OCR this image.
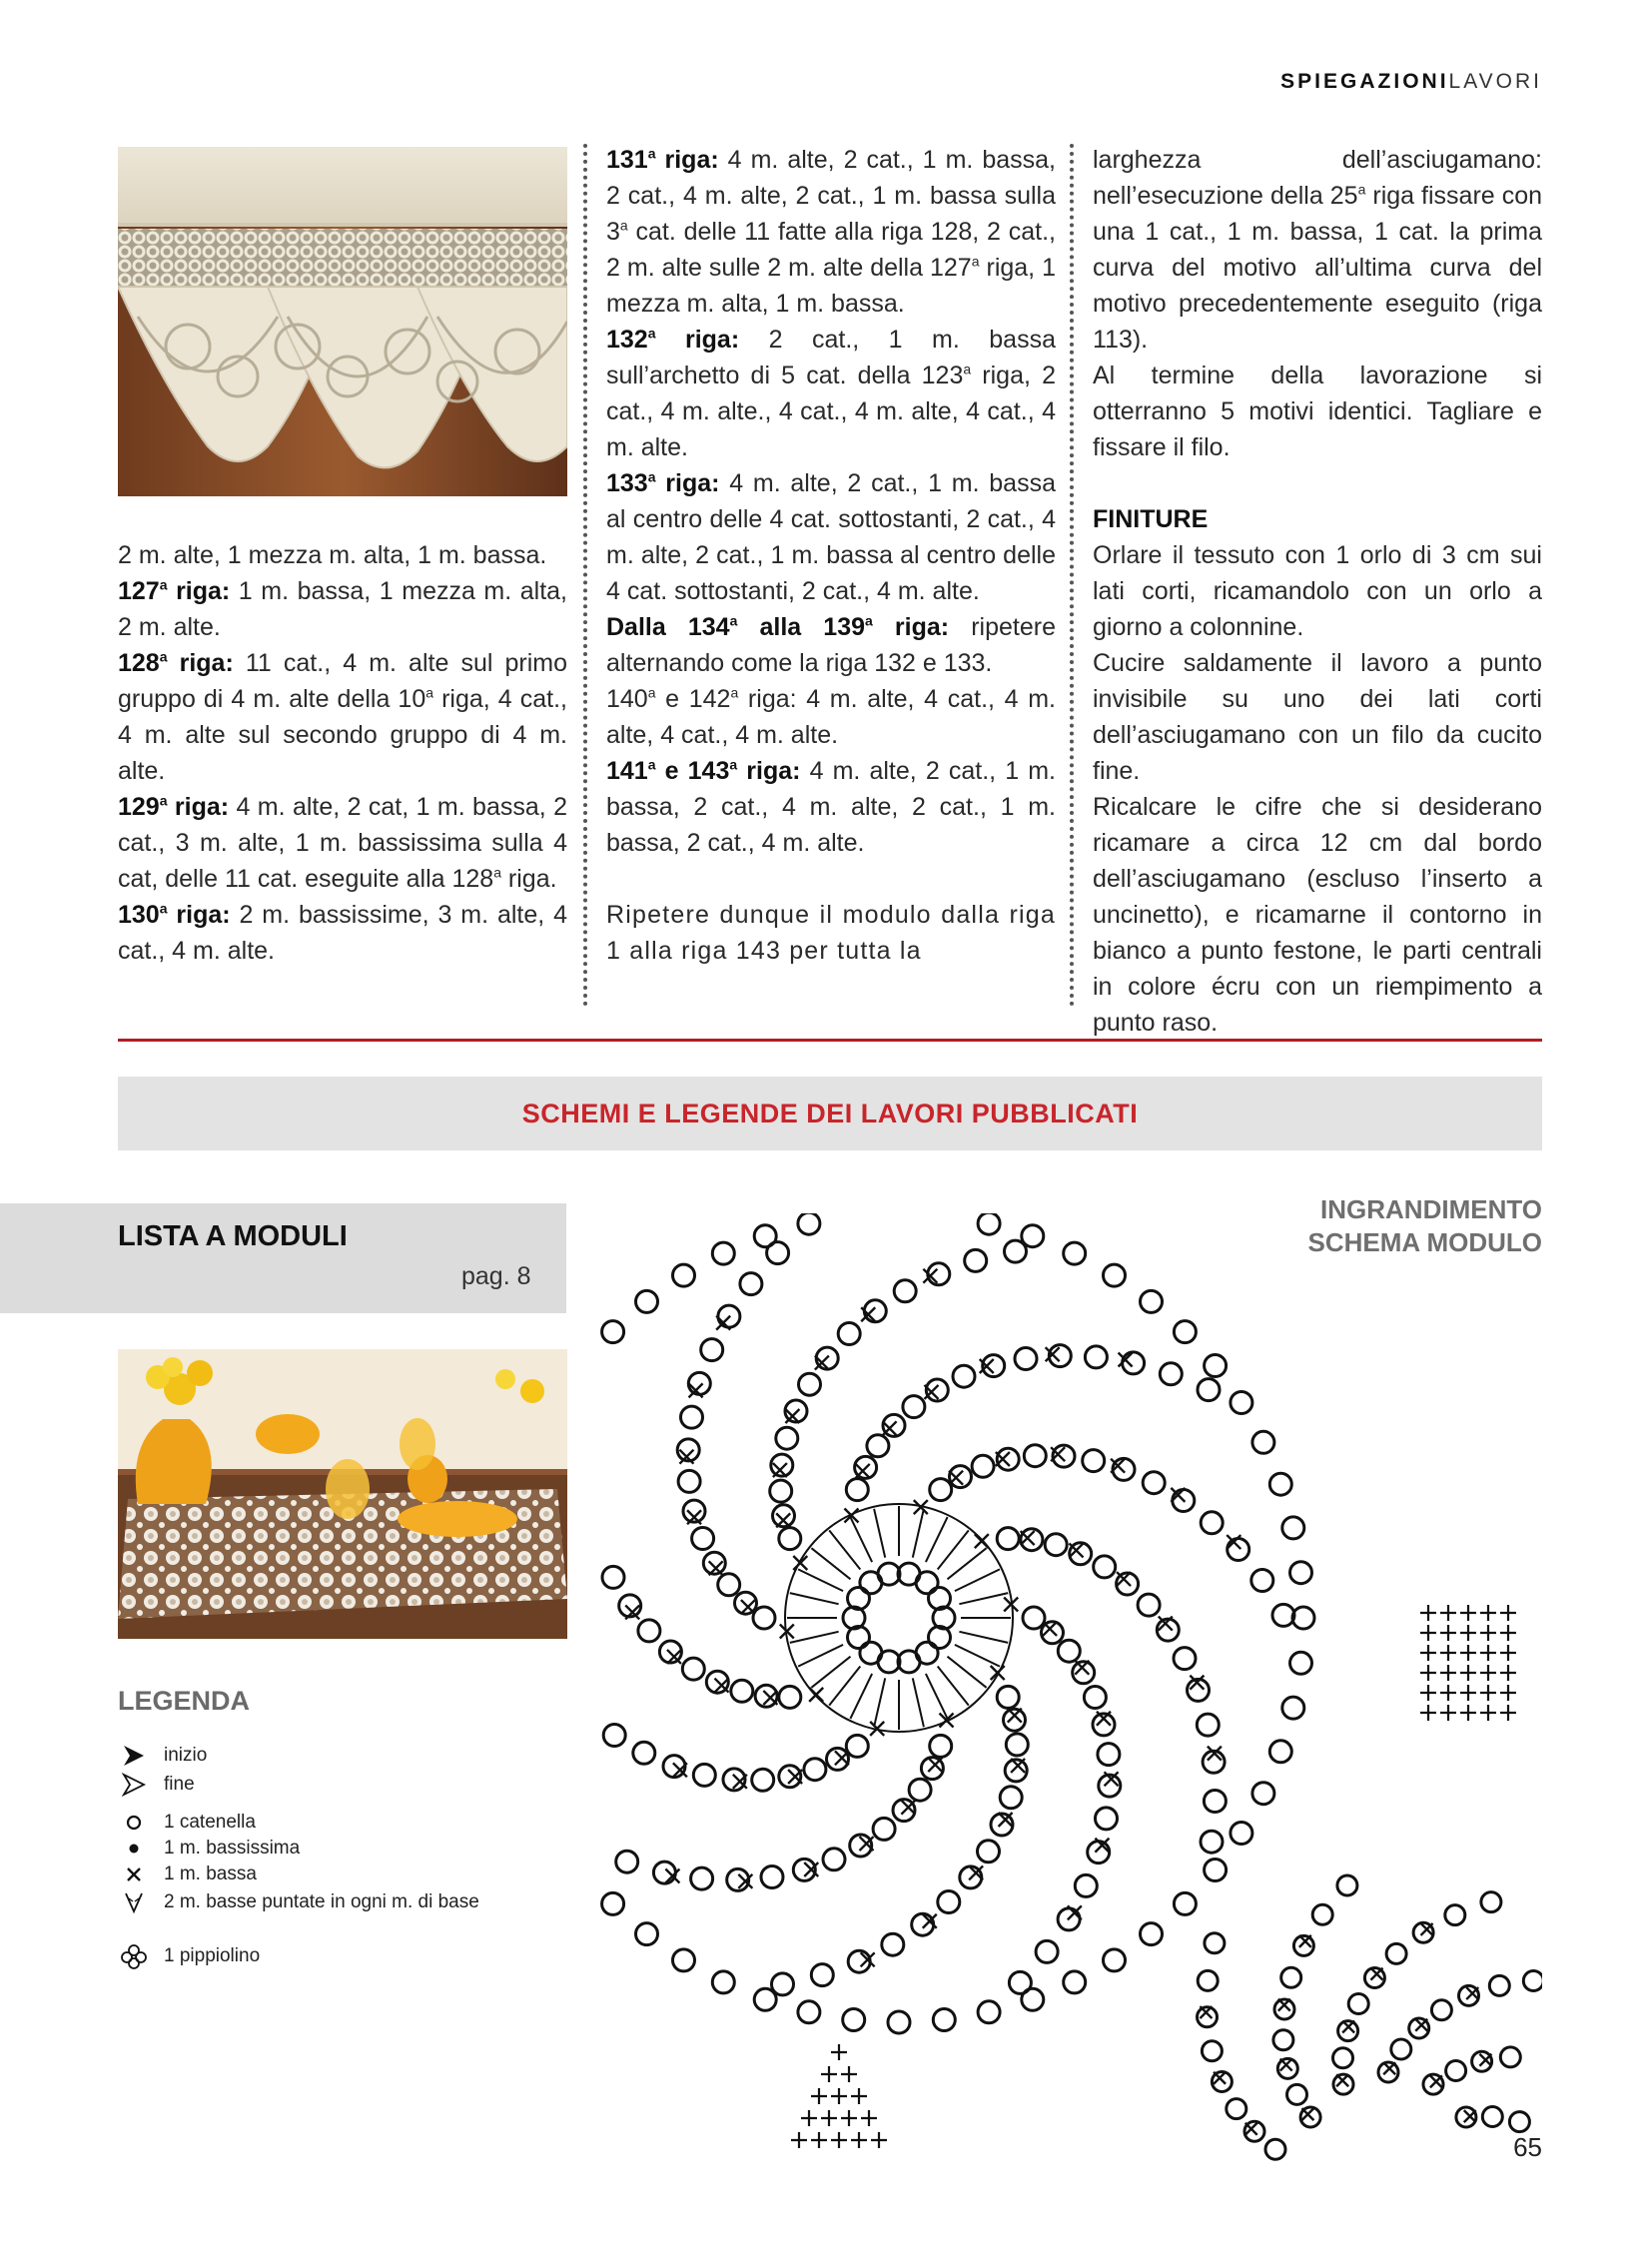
SPIEGAZIONILAVORI

2 m. alte, 1 mezza m. alta, 1 m. bassa.

127$^a$ riga: 1 m. bassa, 1 mezza m. alta, 2 m. alte.

128$^a$ riga: 11 cat., 4 m. alte sul primo gruppo di 4 m. alte della 10$^a$ riga, 4 cat., 4 m. alte sul secondo gruppo di 4 m. alte.

129$^a$ riga: 4 m. alte, 2 cat, 1 m. bassa, 2 cat., 3 m. alte, 1 m. bassissima sulla 4 cat, delle 11 cat. eseguite alla 128$^a$ riga.

130$^a$ riga: 2 m. bassissime, 3 m. alte, 4 cat., 4 m. alte.

131$^a$ riga: 4 m. alte, 2 cat., 1 m. bassa, 2 cat., 4 m. alte, 2 cat., 1 m. bassa sulla 3$^a$ cat. delle 11 fatte alla riga 128, 2 cat., 2 m. alte sulle 2 m. alte della 127$^a$ riga, 1 mezza m. alta, 1 m. bassa.

132$^a$ riga: 2 cat., 1 m. bassa sull’archetto di 5 cat. della 123$^a$ riga, 2 cat., 4 m. alte., 4 cat., 4 m. alte, 4 cat., 4 m. alte.

133$^a$ riga: 4 m. alte, 2 cat., 1 m. bassa al centro delle 4 cat. sottostanti, 2 cat., 4 m. alte, 2 cat., 1 m. bassa al centro delle 4 cat. sottostanti, 2 cat., 4 m. alte.

Dalla 134$^a$ alla 139$^a$ riga: ripetere alternando come la riga 132 e 133.

140$^a$ e 142$^a$ riga: 4 m. alte, 4 cat., 4 m. alte, 4 cat., 4 m. alte.

141$^a$ e 143$^a$ riga: 4 m. alte, 2 cat., 1 m. bassa, 2 cat., 4 m. alte, 2 cat., 1 m. bassa, 2 cat., 4 m. alte.

Ripetere dunque il modulo dalla riga 1 alla riga 143 per tutta la

larghezza dell’asciugamano: nell’esecuzione della 25$^a$ riga fissare con una 1 cat., 1 m. bassa, 1 cat. la prima curva del motivo all’ultima curva del motivo precedentemente eseguito (riga 113).

Al termine della lavorazione si otterranno 5 motivi identici. Tagliare e fissare il filo.

FINITURE

Orlare il tessuto con 1 orlo di 3 cm sui lati corti, ricamandolo con un orlo a giorno a colonnine.

Cucire saldamente il lavoro a punto invisibile su uno dei lati corti dell’asciugamano con un filo da cucito fine.

Ricalcare le cifre che si desiderano ricamare a circa 12 cm dal bordo dell’asciugamano (escluso l’inserto a uncinetto), e ricamarne il contorno in bianco a punto festone, le parti centrali in colore écru con un riempimento a punto raso.

SCHEMI E LEGENDE DEI LAVORI PUBBLICATI
LISTA A MODULI
pag. 8
LEGENDA
inizio
fine
1 catenella
1 m. bassissima
1 m. bassa
2 m. basse puntate in ogni m. di base
1 pippiolino
INGRANDIMENTO
SCHEMA MODULO
65
